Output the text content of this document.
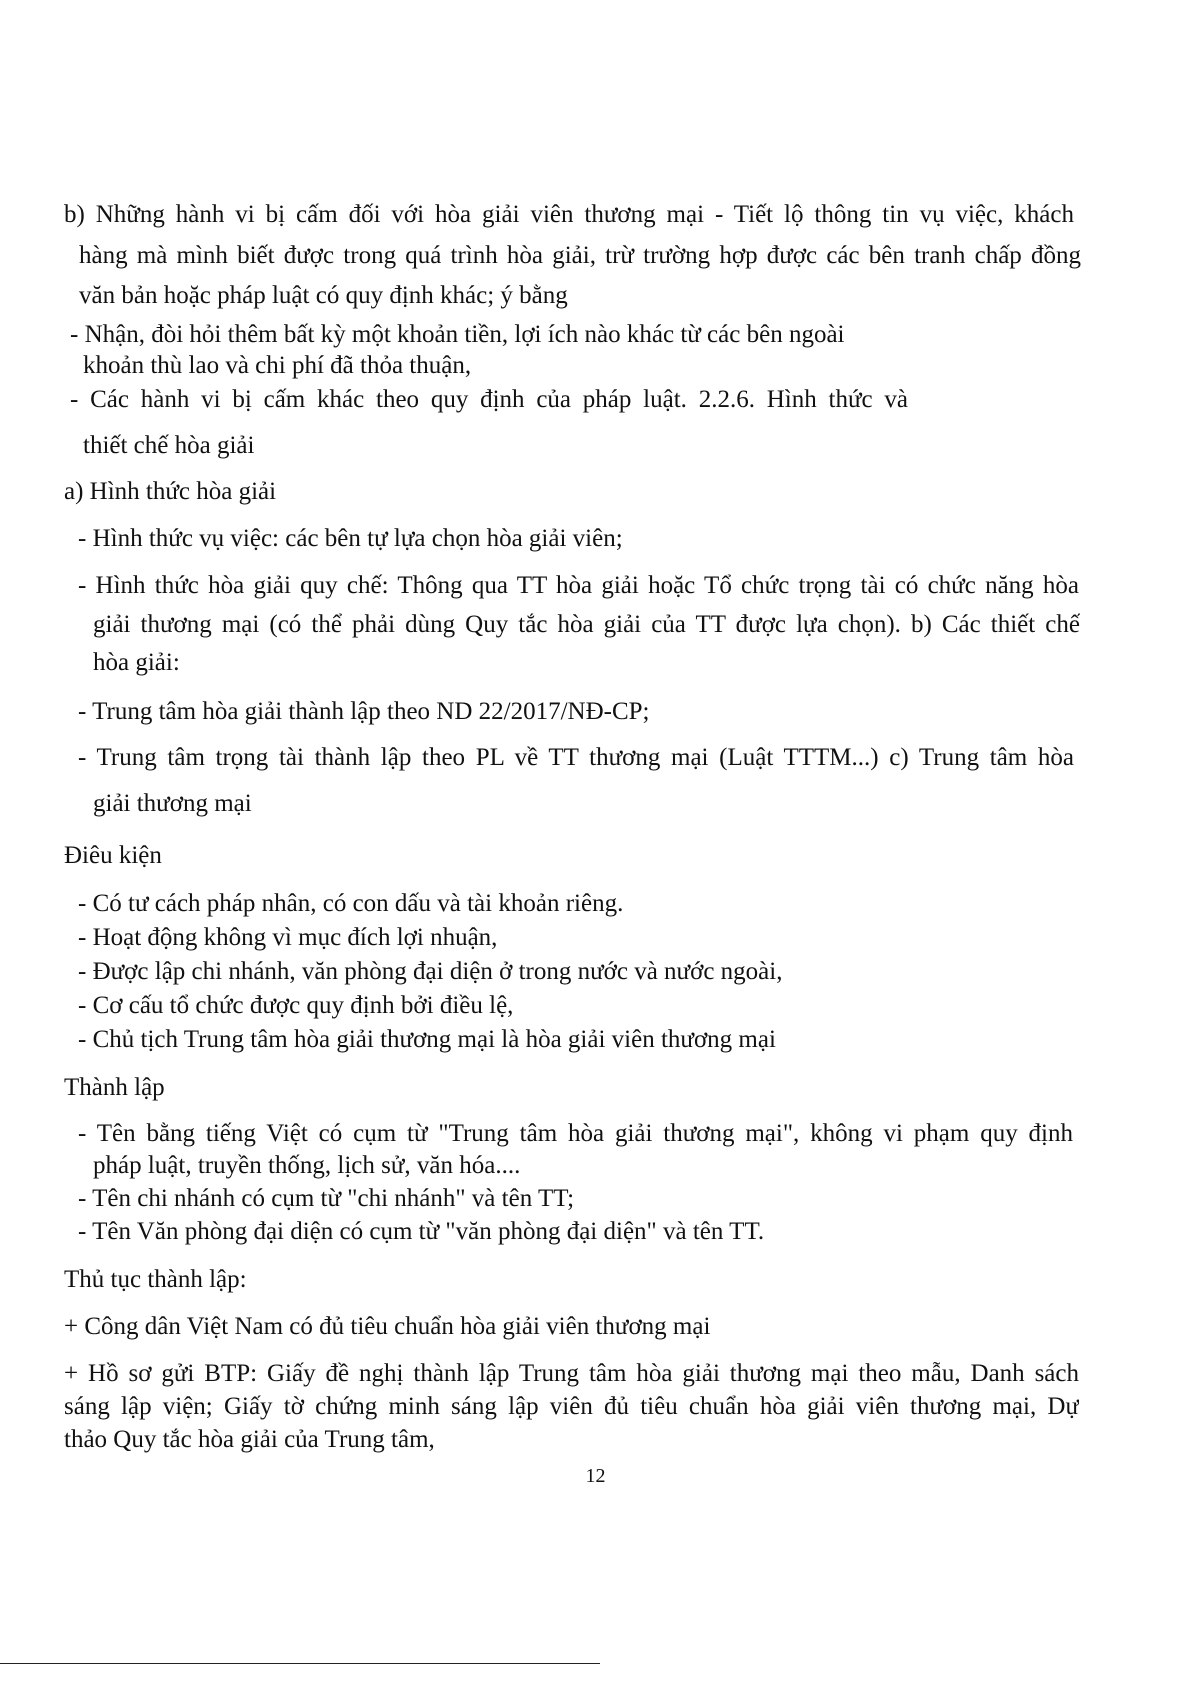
b) Những hành vi bị cấm đối với hòa giải viên thương mại - Tiết lộ thông tin vụ việc, khách
hàng mà mình biết được trong quá trình hòa giải, trừ trường hợp được các bên tranh chấp đồng
văn bản hoặc pháp luật có quy định khác; ý bằng
- Nhận, đòi hỏi thêm bất kỳ một khoản tiền, lợi ích nào khác từ các bên ngoài
khoản thù lao và chi phí đã thỏa thuận,
- Các hành vi bị cấm khác theo quy định của pháp luật. 2.2.6. Hình thức và
thiết chế hòa giải
a) Hình thức hòa giải
- Hình thức vụ việc: các bên tự lựa chọn hòa giải viên;
- Hình thức hòa giải quy chế: Thông qua TT hòa giải hoặc Tổ chức trọng tài có chức năng hòa
giải thương mại (có thể phải dùng Quy tắc hòa giải của TT được lựa chọn). b) Các thiết chế
hòa giải:
- Trung tâm hòa giải thành lập theo ND 22/2017/NĐ-CP;
- Trung tâm trọng tài thành lập theo PL về TT thương mại (Luật TTTM...) c) Trung tâm hòa
giải thương mại
Điêu kiện
- Có tư cách pháp nhân, có con dấu và tài khoản riêng.
- Hoạt động không vì mục đích lợi nhuận,
- Được lập chi nhánh, văn phòng đại diện ở trong nước và nước ngoài,
- Cơ cấu tổ chức được quy định bởi điều lệ,
- Chủ tịch Trung tâm hòa giải thương mại là hòa giải viên thương mại
Thành lập
- Tên bằng tiếng Việt có cụm từ "Trung tâm hòa giải thương mại", không vi phạm quy định
pháp luật, truyền thống, lịch sử, văn hóa....
- Tên chi nhánh có cụm từ "chi nhánh" và tên TT;
- Tên Văn phòng đại diện có cụm từ "văn phòng đại diện" và tên TT.
Thủ tục thành lập:
+ Công dân Việt Nam có đủ tiêu chuẩn hòa giải viên thương mại
+ Hồ sơ gửi BTP: Giấy đề nghị thành lập Trung tâm hòa giải thương mại theo mẫu, Danh sách
sáng lập viện; Giấy tờ chứng minh sáng lập viên đủ tiêu chuẩn hòa giải viên thương mại, Dự
thảo Quy tắc hòa giải của Trung tâm,
12
